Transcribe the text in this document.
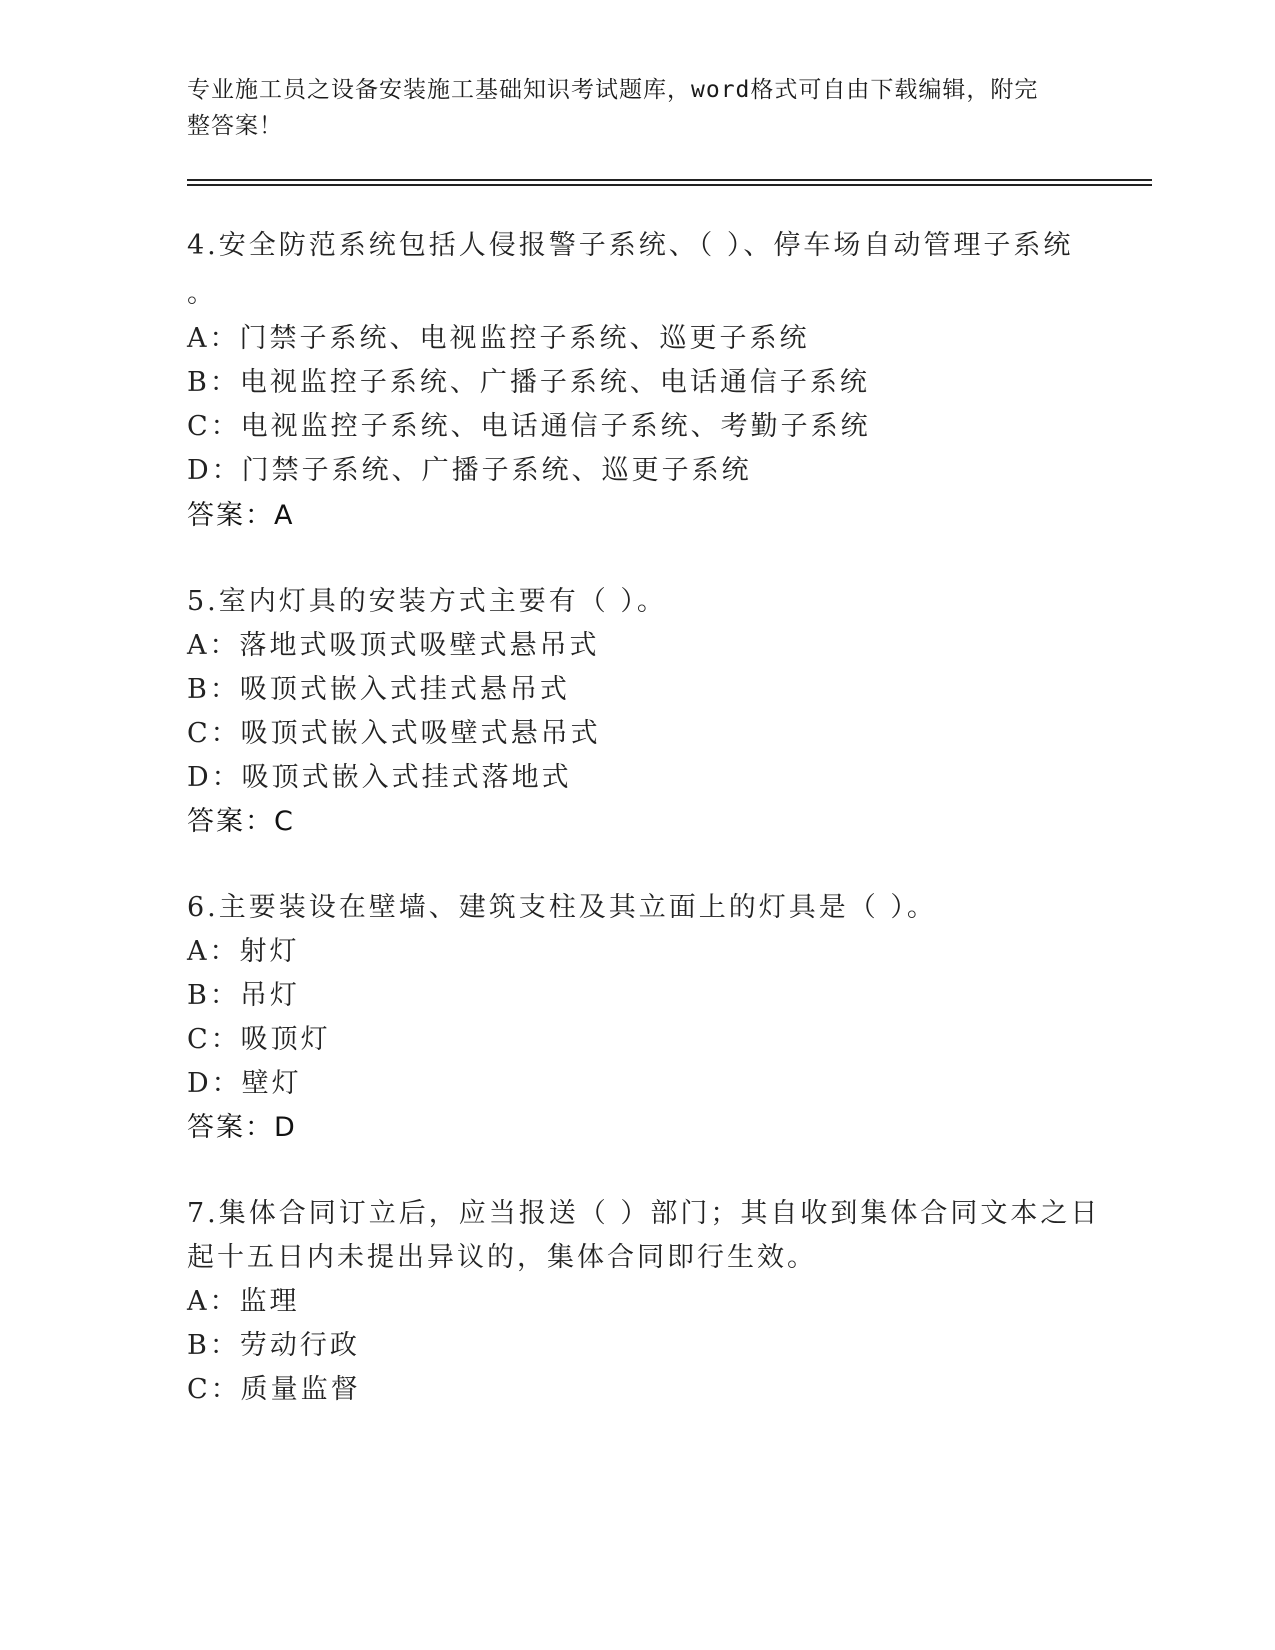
专业施工员之设备安装施工基础知识考试题库，word格式可自由下载编辑，附完
整答案！
4.安全防范系统包括人侵报警子系统、（ ）、停车场自动管理子系统
。
A：门禁子系统、电视监控子系统、巡更子系统
B：电视监控子系统、广播子系统、电话通信子系统
C：电视监控子系统、电话通信子系统、考勤子系统
D：门禁子系统、广播子系统、巡更子系统
答案：A
5.室内灯具的安装方式主要有（ ）。
A：落地式吸顶式吸壁式悬吊式
B：吸顶式嵌入式挂式悬吊式
C：吸顶式嵌入式吸壁式悬吊式
D：吸顶式嵌入式挂式落地式
答案：C
6.主要装设在壁墙、建筑支柱及其立面上的灯具是（ ）。
A：射灯
B：吊灯
C：吸顶灯
D：壁灯
答案：D
7.集体合同订立后，应当报送（ ）部门；其自收到集体合同文本之日
起十五日内未提出异议的，集体合同即行生效。
A：监理
B：劳动行政
C：质量监督
